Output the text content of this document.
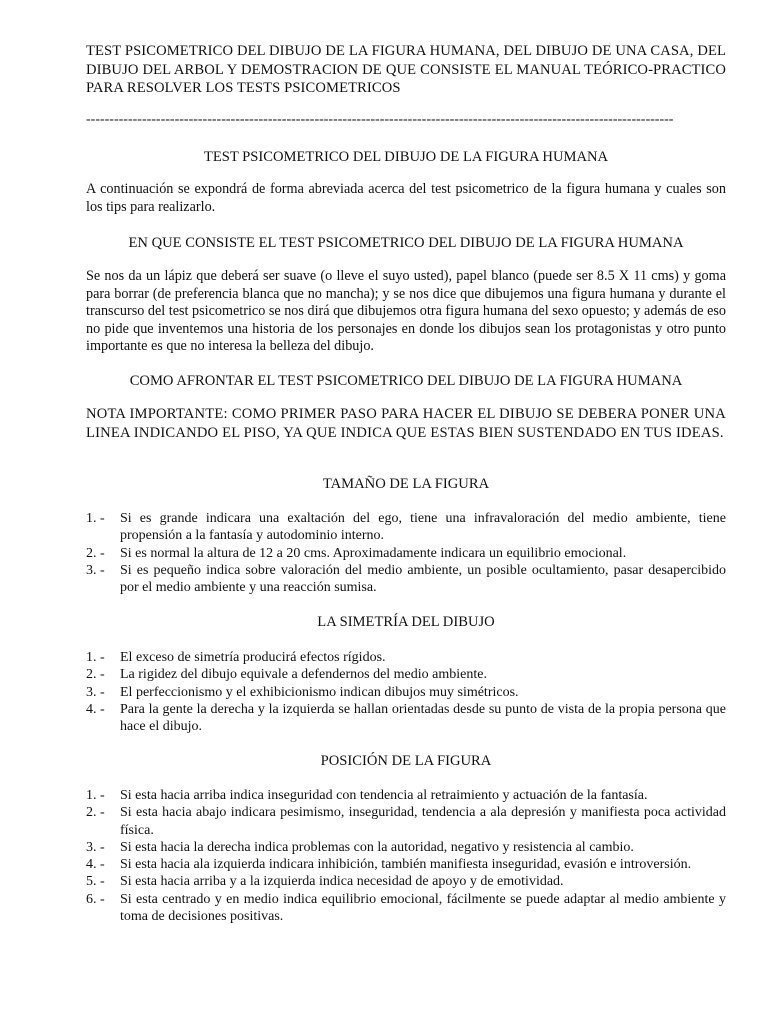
TEST PSICOMETRICO DEL DIBUJO DE LA FIGURA HUMANA, DEL DIBUJO DE UNA CASA, DEL DIBUJO DEL ARBOL Y DEMOSTRACION DE QUE CONSISTE EL MANUAL TEÓRICO-PRACTICO PARA RESOLVER LOS TESTS PSICOMETRICOS
------------------------------------------------------------------------------------------------------------------------------
TEST PSICOMETRICO DEL DIBUJO DE LA FIGURA HUMANA
A continuación se expondrá de forma abreviada acerca del test psicometrico de la figura humana y cuales son los tips para realizarlo.
EN QUE CONSISTE EL TEST PSICOMETRICO DEL DIBUJO DE LA FIGURA HUMANA
Se nos da un lápiz que deberá ser suave (o lleve el suyo usted), papel blanco (puede ser 8.5 X 11 cms) y goma para borrar (de preferencia blanca que no mancha); y se nos dice que dibujemos una figura humana y durante el transcurso del test psicometrico se nos dirá que dibujemos otra figura humana del sexo opuesto; y además de eso no pide que inventemos una historia de los personajes en donde los dibujos sean los protagonistas y otro punto importante es que no interesa la belleza del dibujo.
COMO AFRONTAR EL TEST PSICOMETRICO DEL DIBUJO DE LA FIGURA HUMANA
NOTA IMPORTANTE: COMO PRIMER PASO PARA HACER EL DIBUJO SE DEBERA PONER UNA LINEA INDICANDO EL PISO, YA QUE INDICA QUE ESTAS BIEN SUSTENDADO EN TUS IDEAS.
TAMAÑO DE LA FIGURA
1. -	Si es grande indicara una exaltación del ego, tiene una infravaloración del medio ambiente, tiene propensión a la fantasía y autodominio interno.
2. -	Si es normal la altura de 12 a 20 cms. Aproximadamente indicara un equilibrio emocional.
3. -	Si es pequeño indica sobre valoración del medio ambiente, un posible ocultamiento, pasar desapercibido por el medio ambiente y una reacción sumisa.
LA SIMETRÍA DEL DIBUJO
1. -	El exceso de simetría producirá efectos rígidos.
2. -	La rigidez del dibujo equivale a defendernos del medio ambiente.
3. -	El perfeccionismo y el exhibicionismo indican dibujos muy simétricos.
4. -	Para la gente la derecha y la izquierda se hallan orientadas desde su punto de vista de la propia persona que hace el dibujo.
POSICIÓN DE LA FIGURA
1. -	Si esta hacia arriba indica inseguridad con tendencia al retraimiento y actuación de la fantasía.
2. -	Si esta hacia abajo indicara pesimismo, inseguridad, tendencia a ala depresión y manifiesta poca actividad física.
3. -	Si esta hacia la derecha indica problemas con la autoridad, negativo y resistencia al cambio.
4. -	Si esta hacia ala izquierda indicara inhibición, también manifiesta inseguridad, evasión e introversión.
5. -	Si esta hacia arriba y a la izquierda indica necesidad de apoyo y de emotividad.
6. -	Si esta centrado y en medio indica equilibrio emocional, fácilmente se puede adaptar al medio ambiente y toma de decisiones positivas.
